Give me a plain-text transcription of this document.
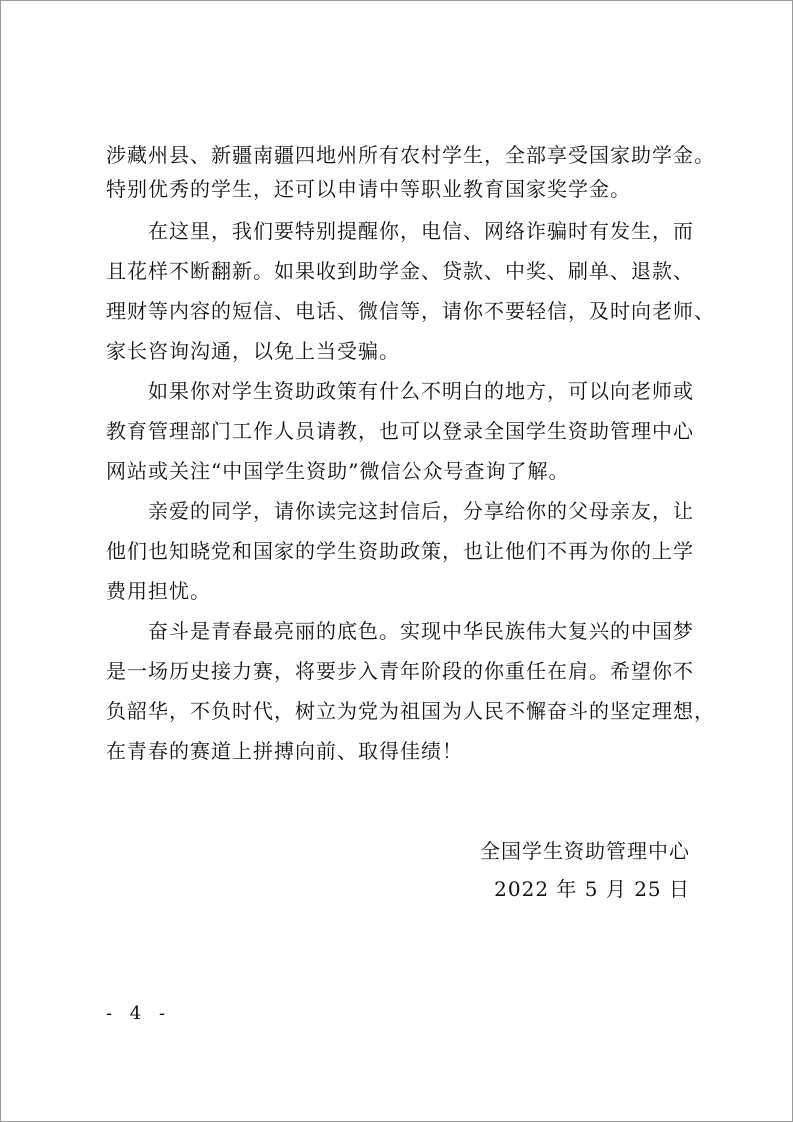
涉藏州县、新疆南疆四地州所有农村学生，全部享受国家助学金。
特别优秀的学生，还可以申请中等职业教育国家奖学金。
在这里，我们要特别提醒你，电信、网络诈骗时有发生，而
且花样不断翻新。如果收到助学金、贷款、中奖、刷单、退款、
理财等内容的短信、电话、微信等，请你不要轻信，及时向老师、
家长咨询沟通，以免上当受骗。
如果你对学生资助政策有什么不明白的地方，可以向老师或
教育管理部门工作人员请教，也可以登录全国学生资助管理中心
网站或关注“中国学生资助”微信公众号查询了解。
亲爱的同学，请你读完这封信后，分享给你的父母亲友，让
他们也知晓党和国家的学生资助政策，也让他们不再为你的上学
费用担忧。
奋斗是青春最亮丽的底色。实现中华民族伟大复兴的中国梦
是一场历史接力赛，将要步入青年阶段的你重任在肩。希望你不
负韶华，不负时代，树立为党为祖国为人民不懈奋斗的坚定理想，
在青春的赛道上拼搏向前、取得佳绩！
全国学生资助管理中心
2022 年 5 月 25 日
- 4 -
